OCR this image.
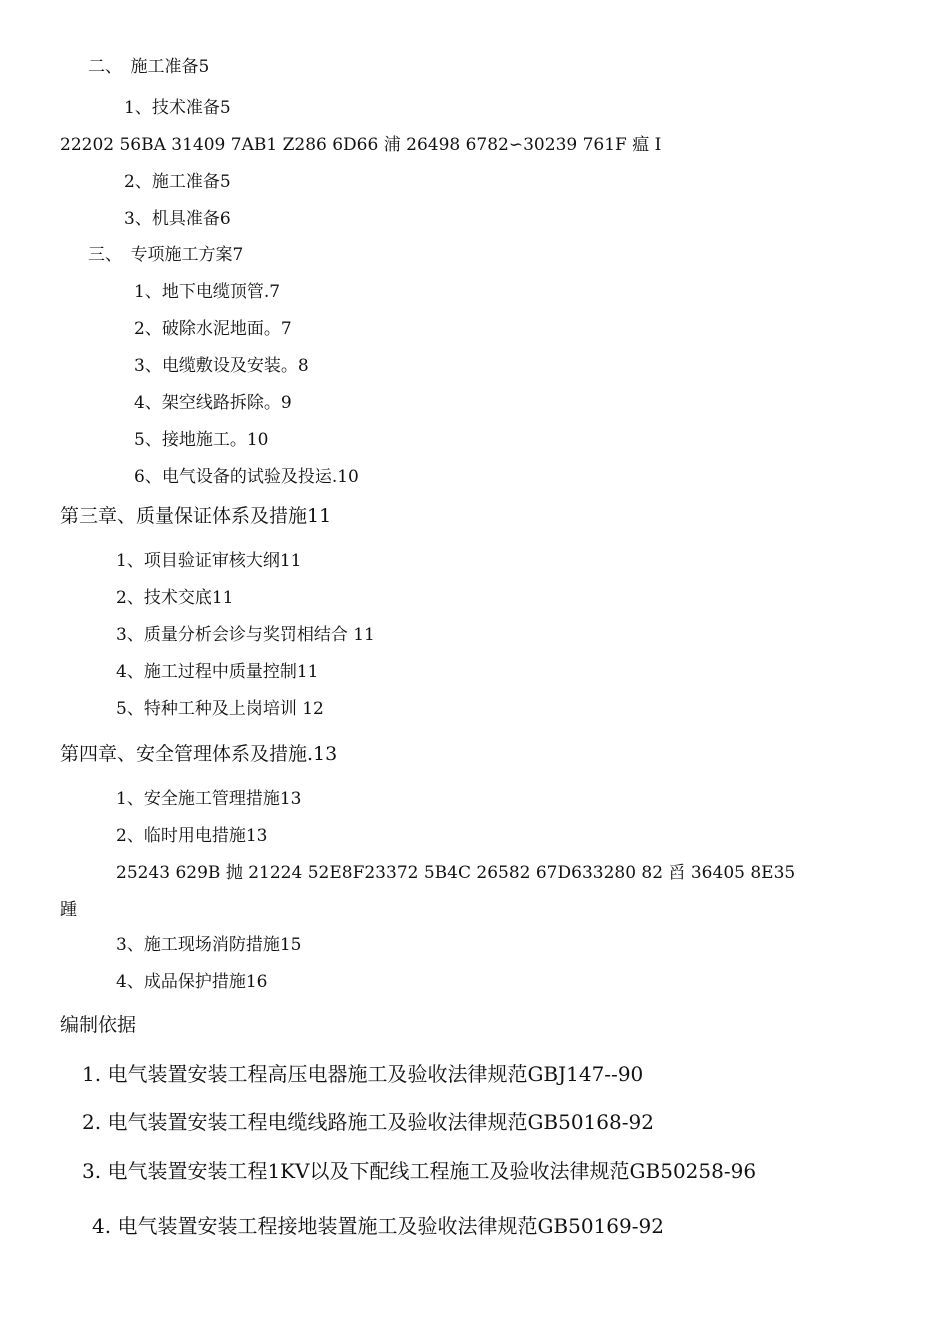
二、　施工准备5
1、技术准备5
22202 56BA 31409 7AB1 Z286 6D66 浦 26498 6782∽30239 761F 瘟 I
2、施工准备5
3、机具准备6
三、　专项施工方案7
1、地下电缆顶管.7
2、破除水泥地面。7
3、电缆敷设及安装。8
4、架空线路拆除。9
5、接地施工。10
6、电气设备的试验及投运.10
第三章、质量保证体系及措施11
1、项目验证审核大纲11
2、技术交底11
3、质量分析会诊与奖罚相结合 11
4、施工过程中质量控制11
5、特种工种及上岗培训 12
第四章、安全管理体系及措施.13
1、安全施工管理措施13
2、临时用电措施13
25243 629B 抛 21224 52E8F23372 5B4C 26582 67D633280 82 舀 36405 8E35
踵
3、施工现场消防措施15
4、成品保护措施16
编制依据
1. 电气装置安装工程高压电器施工及验收法律规范GBJ147--90
2. 电气装置安装工程电缆线路施工及验收法律规范GB50168-92
3. 电气装置安装工程1KV以及下配线工程施工及验收法律规范GB50258-96
4. 电气装置安装工程接地装置施工及验收法律规范GB50169-92
